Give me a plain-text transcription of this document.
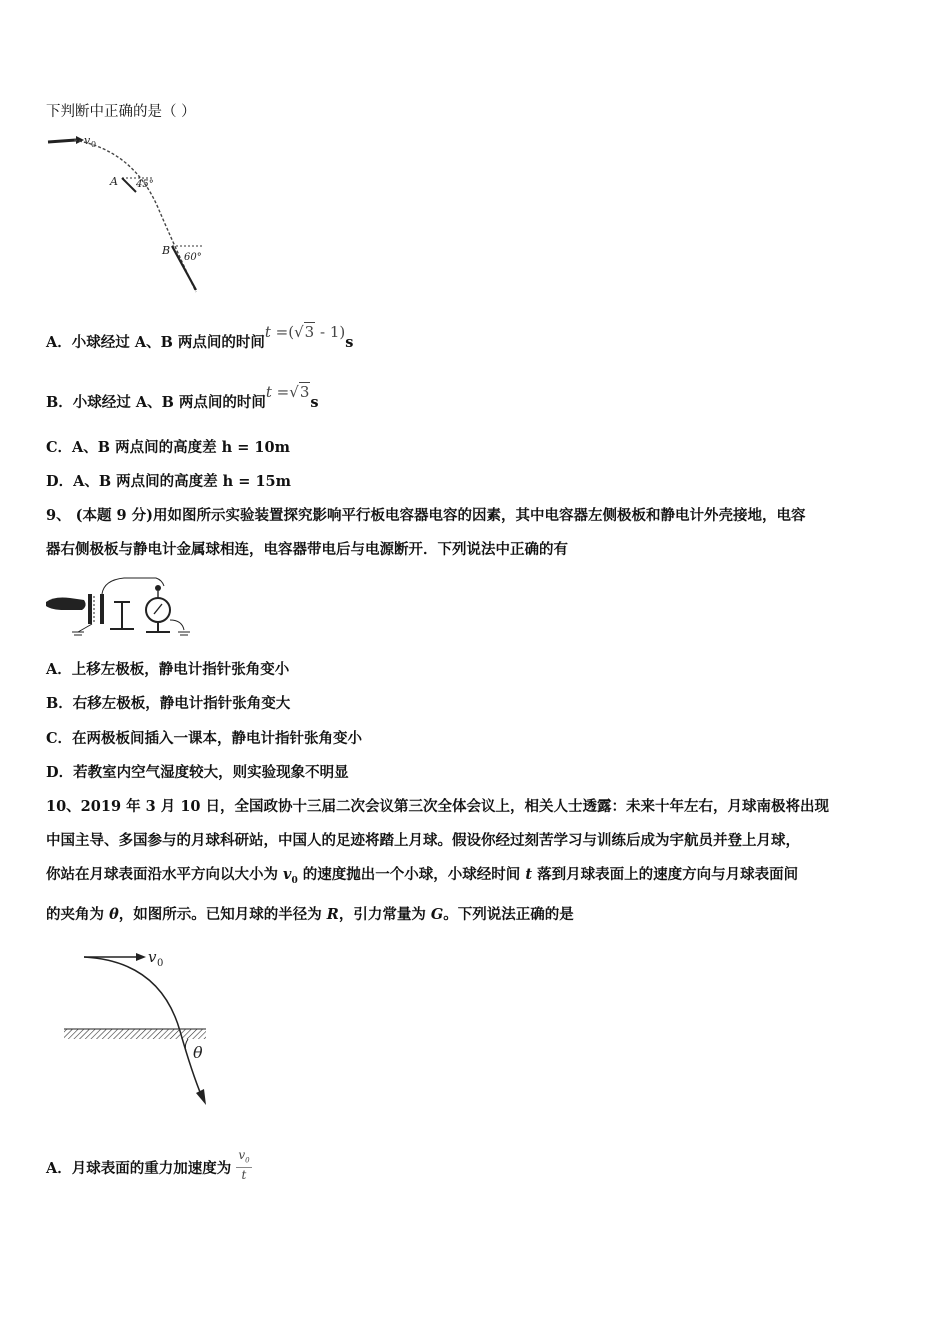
下判断中正确的是（ ）
v 0
A 45°
B
60°
A．小球经过 A、B 两点间的时间t =(√3 - 1)s
B．小球经过 A、B 两点间的时间t =√3s
C．A、B 两点间的高度差 h = 10m
D．A、B 两点间的高度差 h = 15m
9、 (本题 9 分)用如图所示实验装置探究影响平行板电容器电容的因素，其中电容器左侧极板和静电计外壳接地，电容
器右侧极板与静电计金属球相连，电容器带电后与电源断开．下列说法中正确的有
A．上移左极板，静电计指针张角变小
B．右移左极板，静电计指针张角变大
C．在两极板间插入一课本，静电计指针张角变小
D．若教室内空气湿度较大，则实验现象不明显
10、2019 年 3 月 10 日，全国政协十三届二次会议第三次全体会议上，相关人士透露：未来十年左右，月球南极将出现
中国主导、多国参与的月球科研站，中国人的足迹将踏上月球。假设你经过刻苦学习与训练后成为宇航员并登上月球，
你站在月球表面沿水平方向以大小为 $v_0$ 的速度抛出一个小球，小球经时间 t 落到月球表面上的速度方向与月球表面间
的夹角为 θ，如图所示。已知月球的半径为 R，引力常量为 G。下列说法正确的是
v 0
θ
A．月球表面的重力加速度为 $\frac{v_0}{t}$
